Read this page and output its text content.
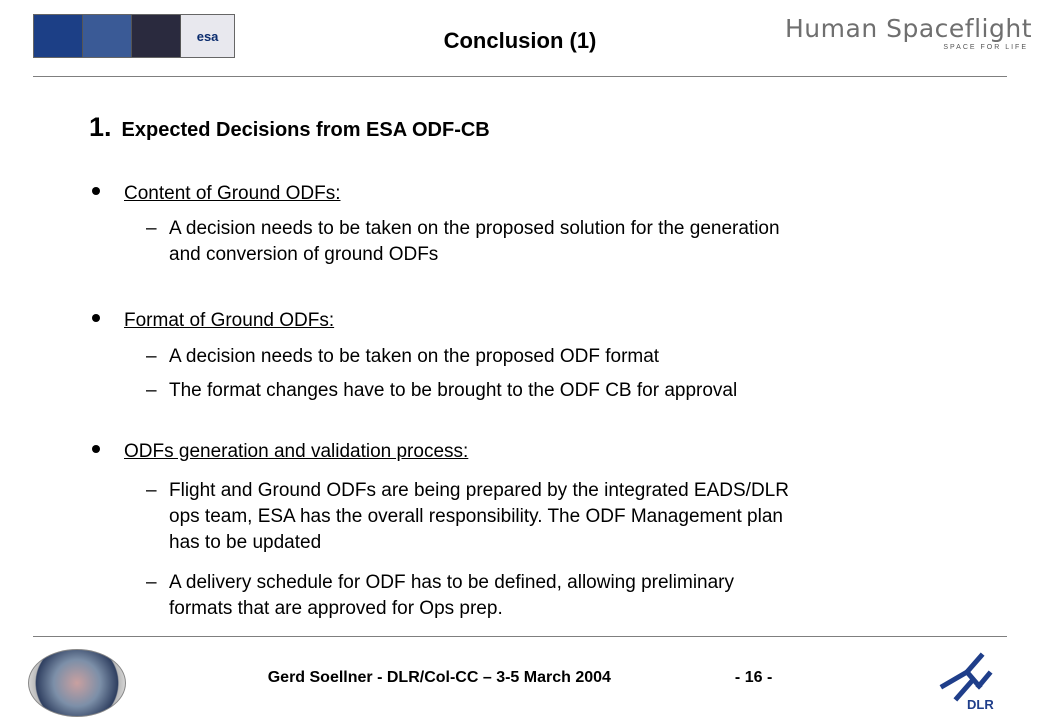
esa	Conclusion (1)	Human Spaceflight
SPACE FOR LIFE
1. Expected Decisions from ESA ODF-CB
Content of Ground ODFs:
– A decision needs to be taken on the proposed solution for the generation
and conversion of ground ODFs
Format of Ground ODFs:
– A decision needs to be taken on the proposed ODF format
– The format changes have to be brought to the ODF CB for approval
ODFs generation and validation process:
– Flight and Ground ODFs are being prepared by the integrated EADS/DLR
ops team, ESA has the overall responsibility. The ODF Management plan
has to be updated
– A delivery schedule for ODF has to be defined, allowing preliminary
formats that are approved for Ops prep.
Gerd Soellner - DLR/Col-CC – 3-5 March 2004	- 16 -
DLR
